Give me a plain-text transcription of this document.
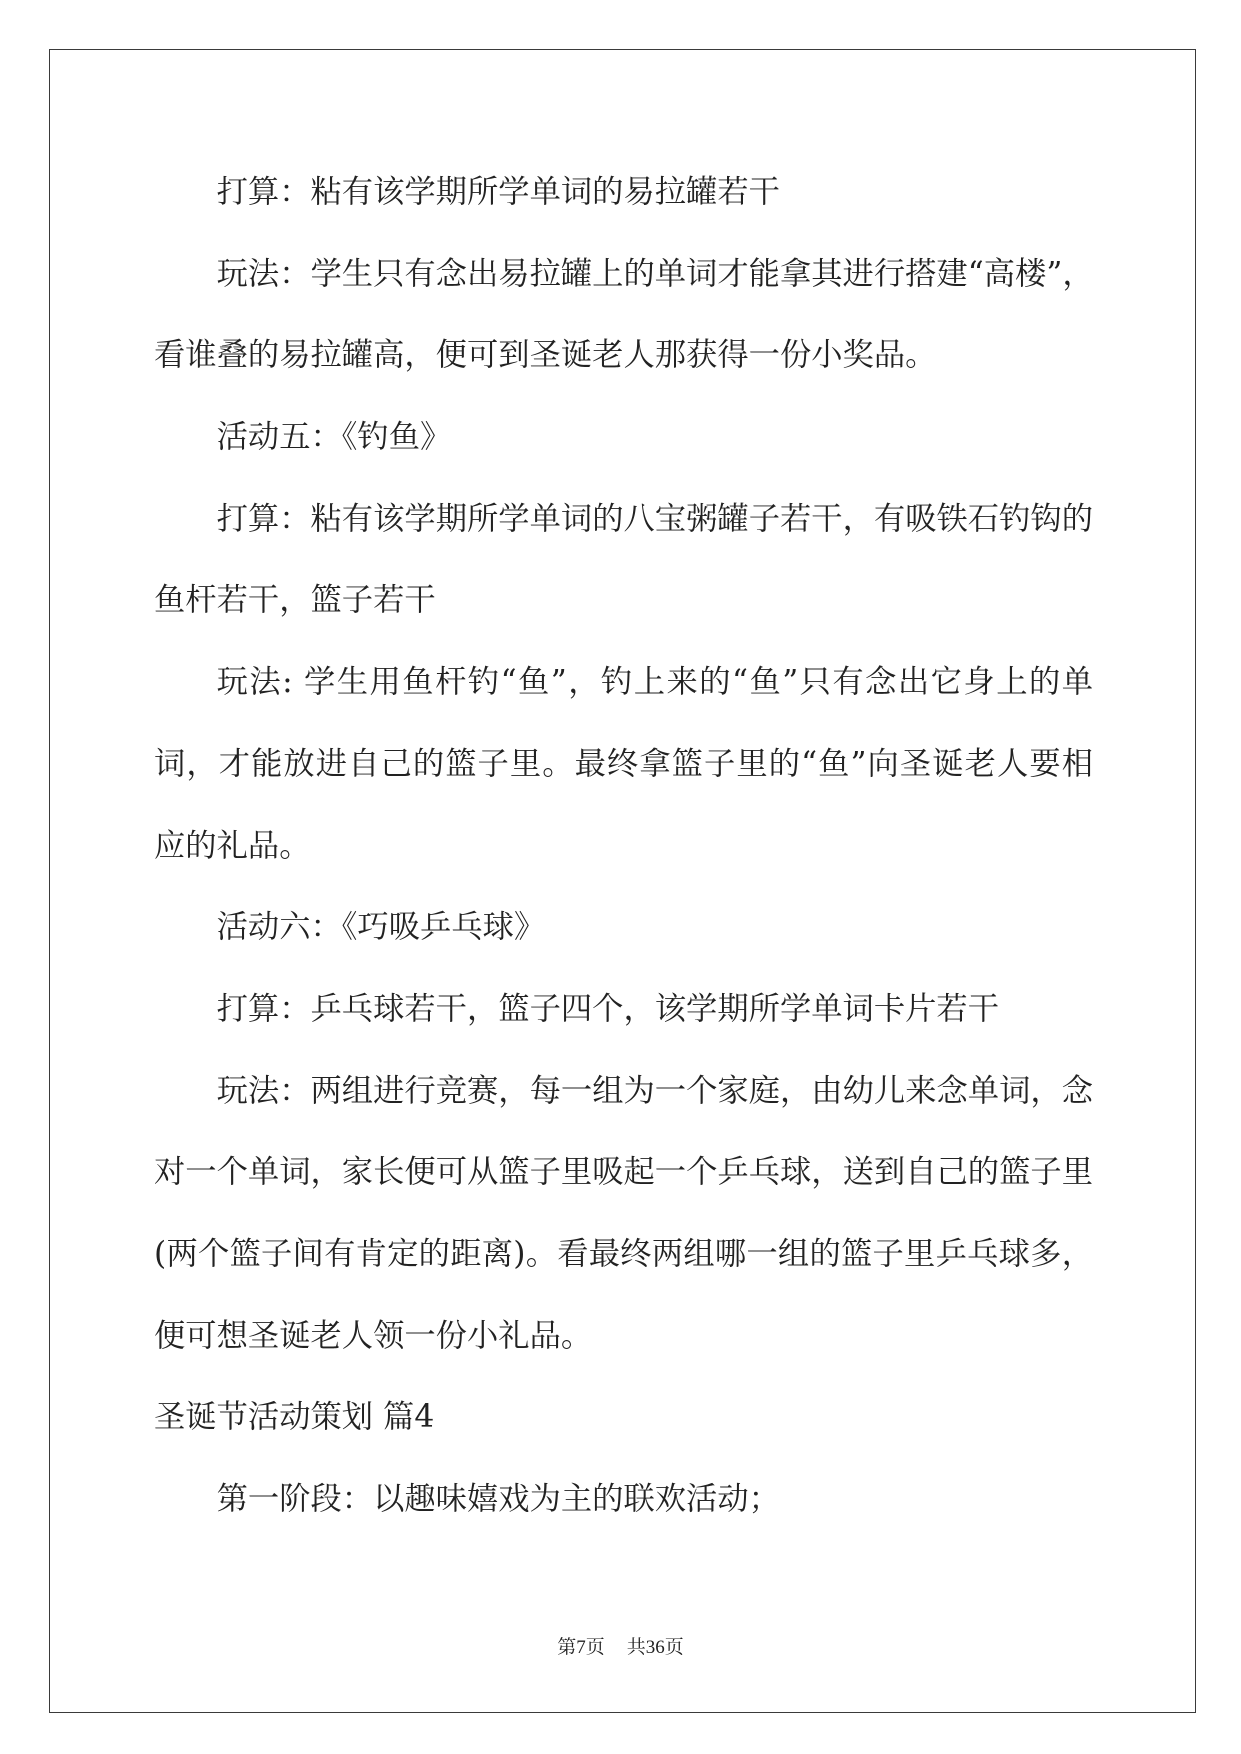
打算：粘有该学期所学单词的易拉罐若干
玩法：学生只有念出易拉罐上的单词才能拿其进行搭建“高楼”，
看谁叠的易拉罐高，便可到圣诞老人那获得一份小奖品。
活动五：《钓鱼》
打算：粘有该学期所学单词的八宝粥罐子若干，有吸铁石钓钩的
鱼杆若干，篮子若干
玩法: 学生用鱼杆钓“鱼”，钓上来的“鱼”只有念出它身上的单
词，才能放进自己的篮子里。最终拿篮子里的“鱼”向圣诞老人要相
应的礼品。
活动六：《巧吸乒乓球》
打算：乒乓球若干，篮子四个，该学期所学单词卡片若干
玩法：两组进行竞赛，每一组为一个家庭，由幼儿来念单词，念
对一个单词，家长便可从篮子里吸起一个乒乓球，送到自己的篮子里
(两个篮子间有肯定的距离)。看最终两组哪一组的篮子里乒乓球多，
便可想圣诞老人领一份小礼品。
圣诞节活动策划 篇4
第一阶段：以趣味嬉戏为主的联欢活动；
第7页 共36页
